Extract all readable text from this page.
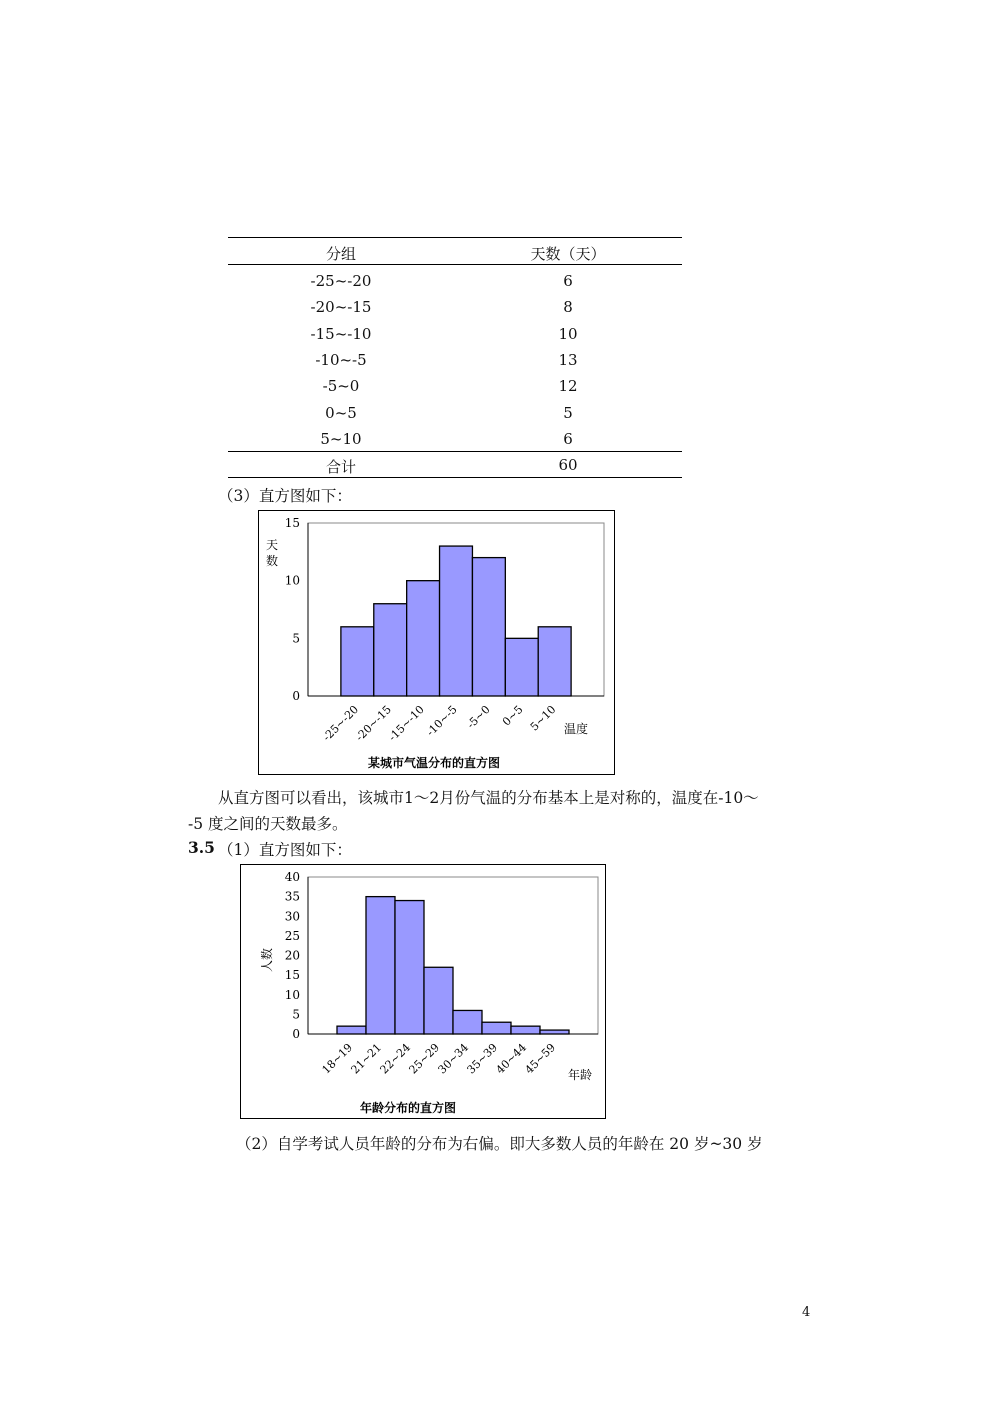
分组	天数（天）
-25~-20	6
-20~-15	8
-15~-10	10
-10~-5	13
-5~0	12
0~5	5
5~10	6
合计	60
（3）直方图如下：
0
5
10
15
-25~-20
-20~-15
-15~-10
-10~-5 -5~0 0~5 5~10
天
数
温度
某城市气温分布的直方图
从直方图可以看出，该城市1～2月份气温的分布基本上是对称的，温度在-10～
-5 度之间的天数最多。
3.5 （1）直方图如下：
0
5
10
15
20
25
30
35
40
18~19
21~21
22~24
25~29
30~34
35~39
40~44
45~59
人数
年龄
年龄分布的直方图
（2）自学考试人员年龄的分布为右偏。即大多数人员的年龄在 20 岁~30 岁
4
